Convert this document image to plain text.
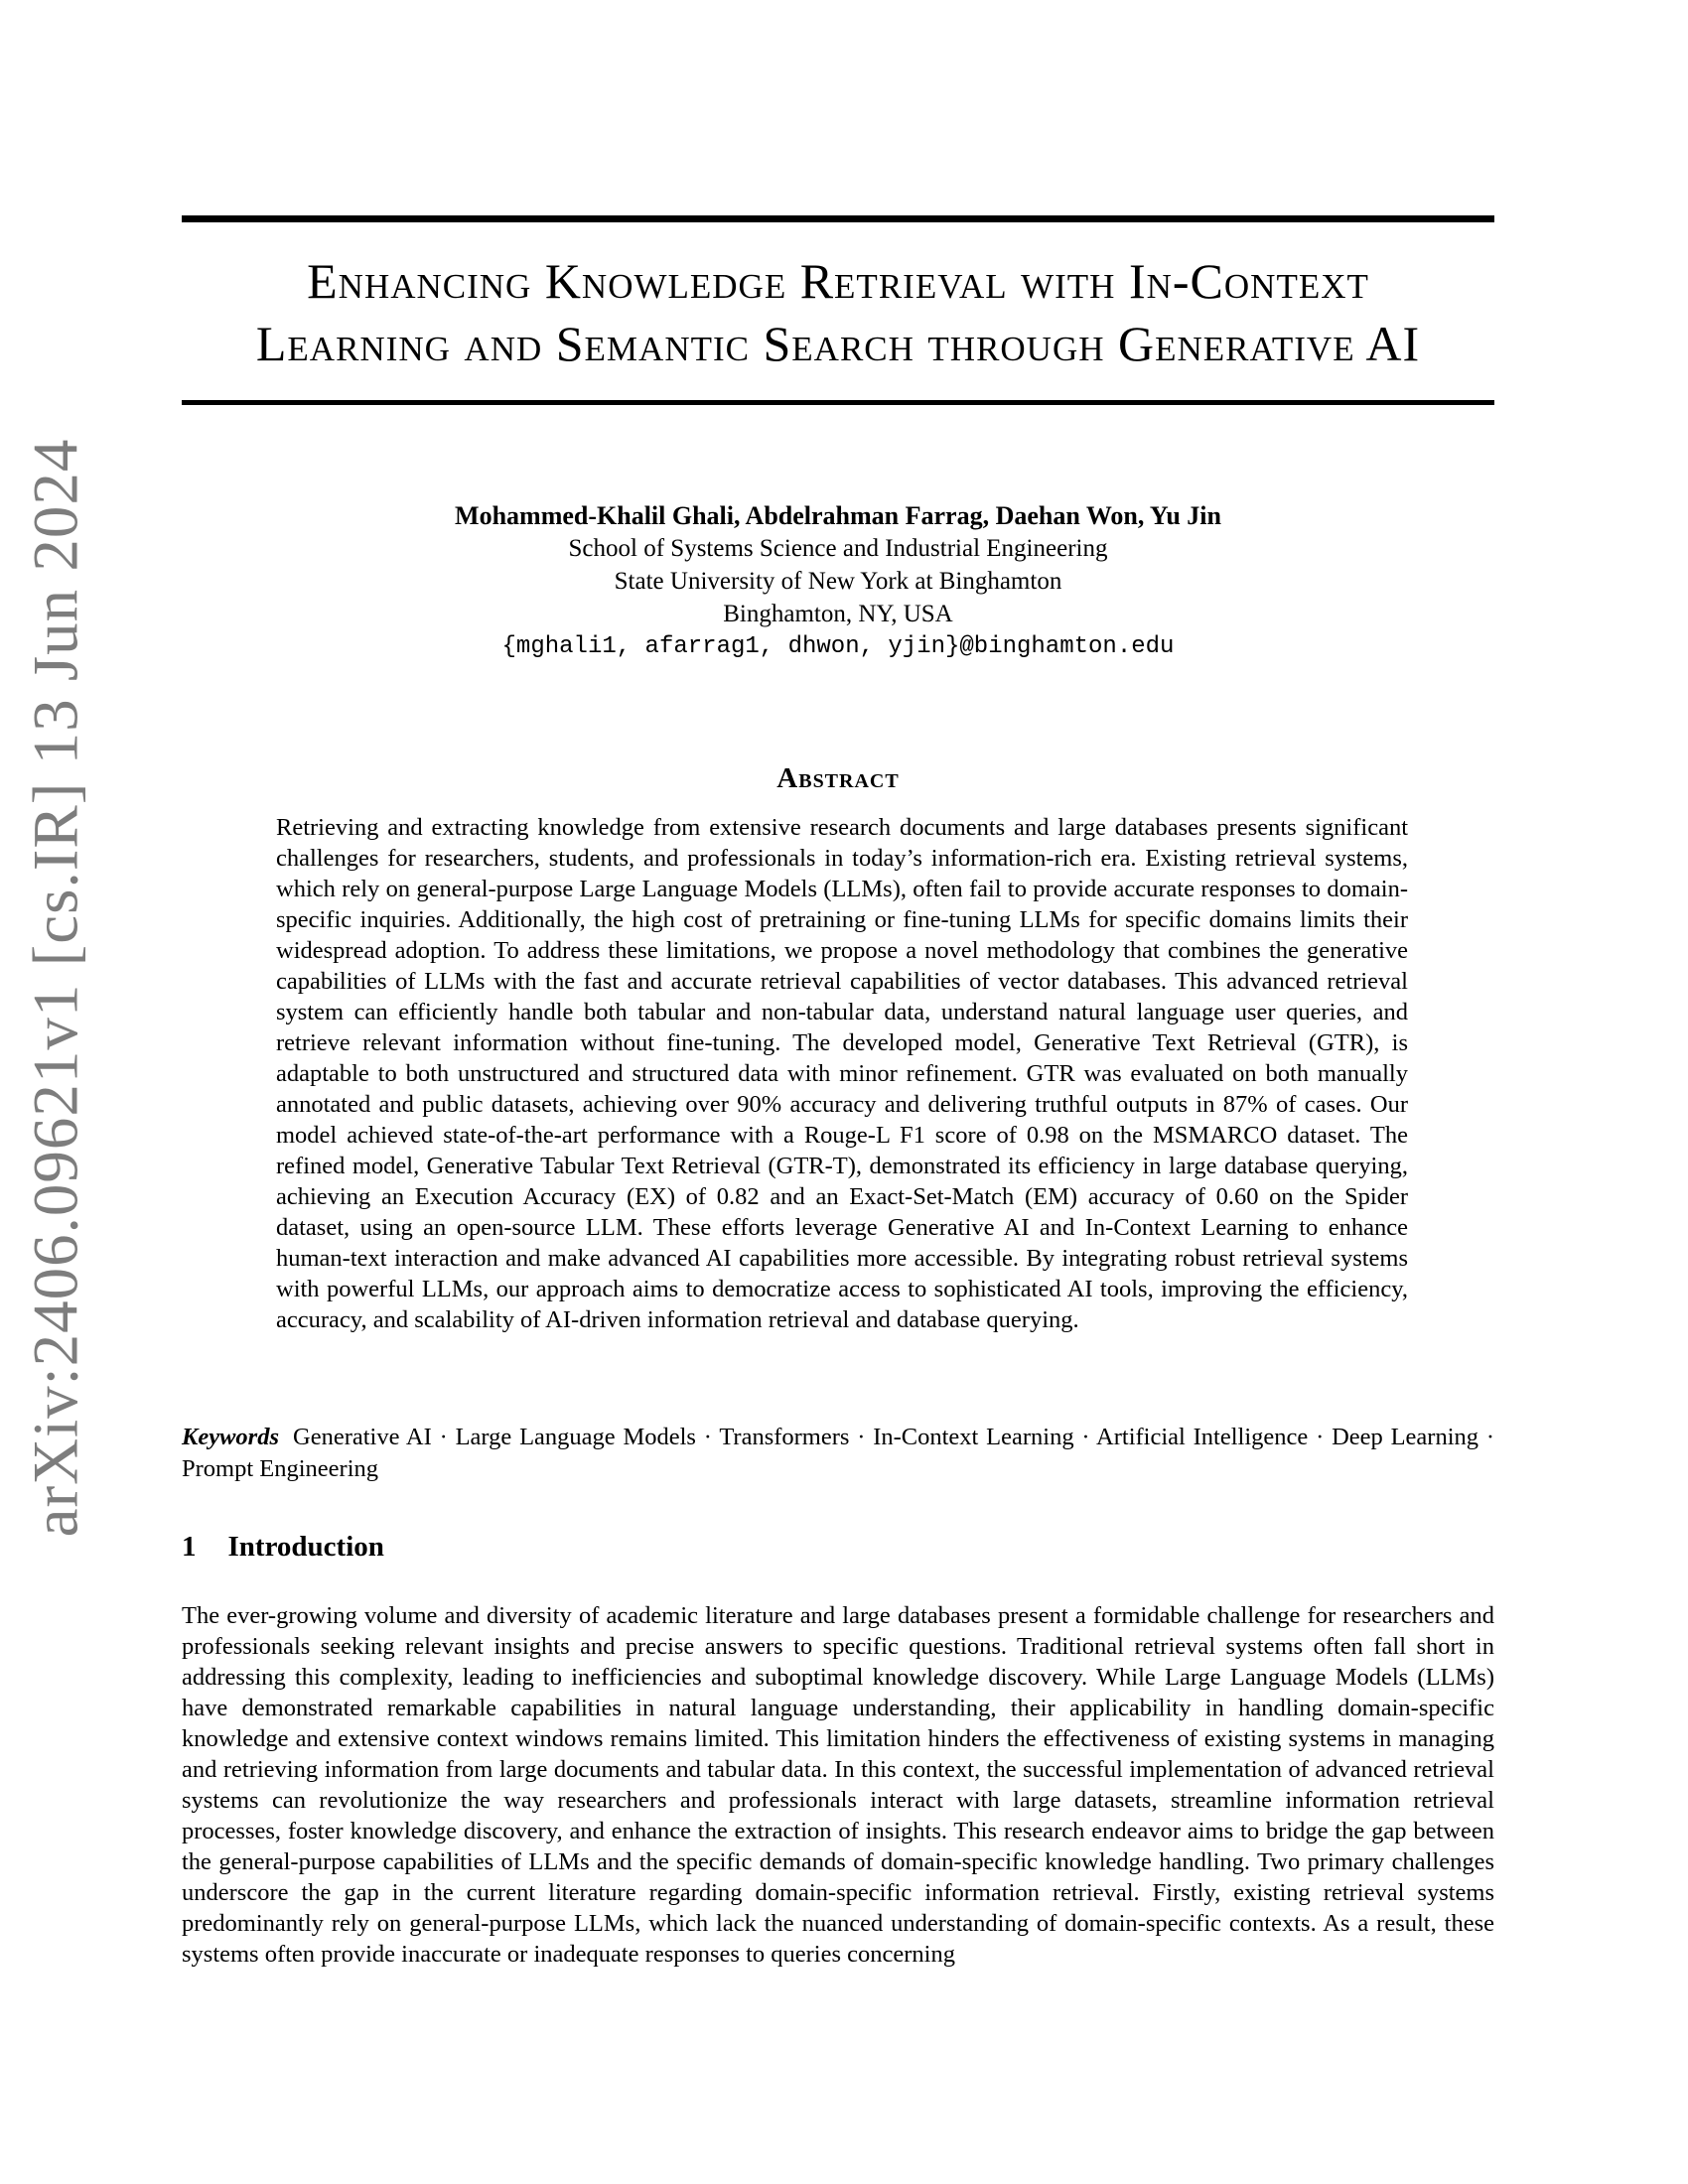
arXiv:2406.09621v1 [cs.IR] 13 Jun 2024
Enhancing Knowledge Retrieval with In-Context
Learning and Semantic Search through Generative AI
Mohammed-Khalil Ghali, Abdelrahman Farrag, Daehan Won, Yu Jin
School of Systems Science and Industrial Engineering
State University of New York at Binghamton
Binghamton, NY, USA
{mghali1, afarrag1, dhwon, yjin}@binghamton.edu
Abstract

Retrieving and extracting knowledge from extensive research documents and large databases presents significant challenges for researchers, students, and professionals in today’s information-rich era. Existing retrieval systems, which rely on general-purpose Large Language Models (LLMs), often fail to provide accurate responses to domain-specific inquiries. Additionally, the high cost of pretraining or fine-tuning LLMs for specific domains limits their widespread adoption. To address these limitations, we propose a novel methodology that combines the generative capabilities of LLMs with the fast and accurate retrieval capabilities of vector databases. This advanced retrieval system can efficiently handle both tabular and non-tabular data, understand natural language user queries, and retrieve relevant information without fine-tuning. The developed model, Generative Text Retrieval (GTR), is adaptable to both unstructured and structured data with minor refinement. GTR was evaluated on both manually annotated and public datasets, achieving over 90% accuracy and delivering truthful outputs in 87% of cases. Our model achieved state-of-the-art performance with a Rouge-L F1 score of 0.98 on the MSMARCO dataset. The refined model, Generative Tabular Text Retrieval (GTR-T), demonstrated its efficiency in large database querying, achieving an Execution Accuracy (EX) of 0.82 and an Exact-Set-Match (EM) accuracy of 0.60 on the Spider dataset, using an open-source LLM. These efforts leverage Generative AI and In-Context Learning to enhance human-text interaction and make advanced AI capabilities more accessible. By integrating robust retrieval systems with powerful LLMs, our approach aims to democratize access to sophisticated AI tools, improving the efficiency, accuracy, and scalability of AI-driven information retrieval and database querying.

Keywords Generative AI · Large Language Models · Transformers · In-Context Learning · Artificial Intelligence · Deep Learning · Prompt Engineering

1 Introduction

The ever-growing volume and diversity of academic literature and large databases present a formidable challenge for researchers and professionals seeking relevant insights and precise answers to specific questions. Traditional retrieval systems often fall short in addressing this complexity, leading to inefficiencies and suboptimal knowledge discovery. While Large Language Models (LLMs) have demonstrated remarkable capabilities in natural language understanding, their applicability in handling domain-specific knowledge and extensive context windows remains limited. This limitation hinders the effectiveness of existing systems in managing and retrieving information from large documents and tabular data. In this context, the successful implementation of advanced retrieval systems can revolutionize the way researchers and professionals interact with large datasets, streamline information retrieval processes, foster knowledge discovery, and enhance the extraction of insights. This research endeavor aims to bridge the gap between the general-purpose capabilities of LLMs and the specific demands of domain-specific knowledge handling. Two primary challenges underscore the gap in the current literature regarding domain-specific information retrieval. Firstly, existing retrieval systems predominantly rely on general-purpose LLMs, which lack the nuanced understanding of domain-specific contexts. As a result, these systems often provide inaccurate or inadequate responses to queries concerning
